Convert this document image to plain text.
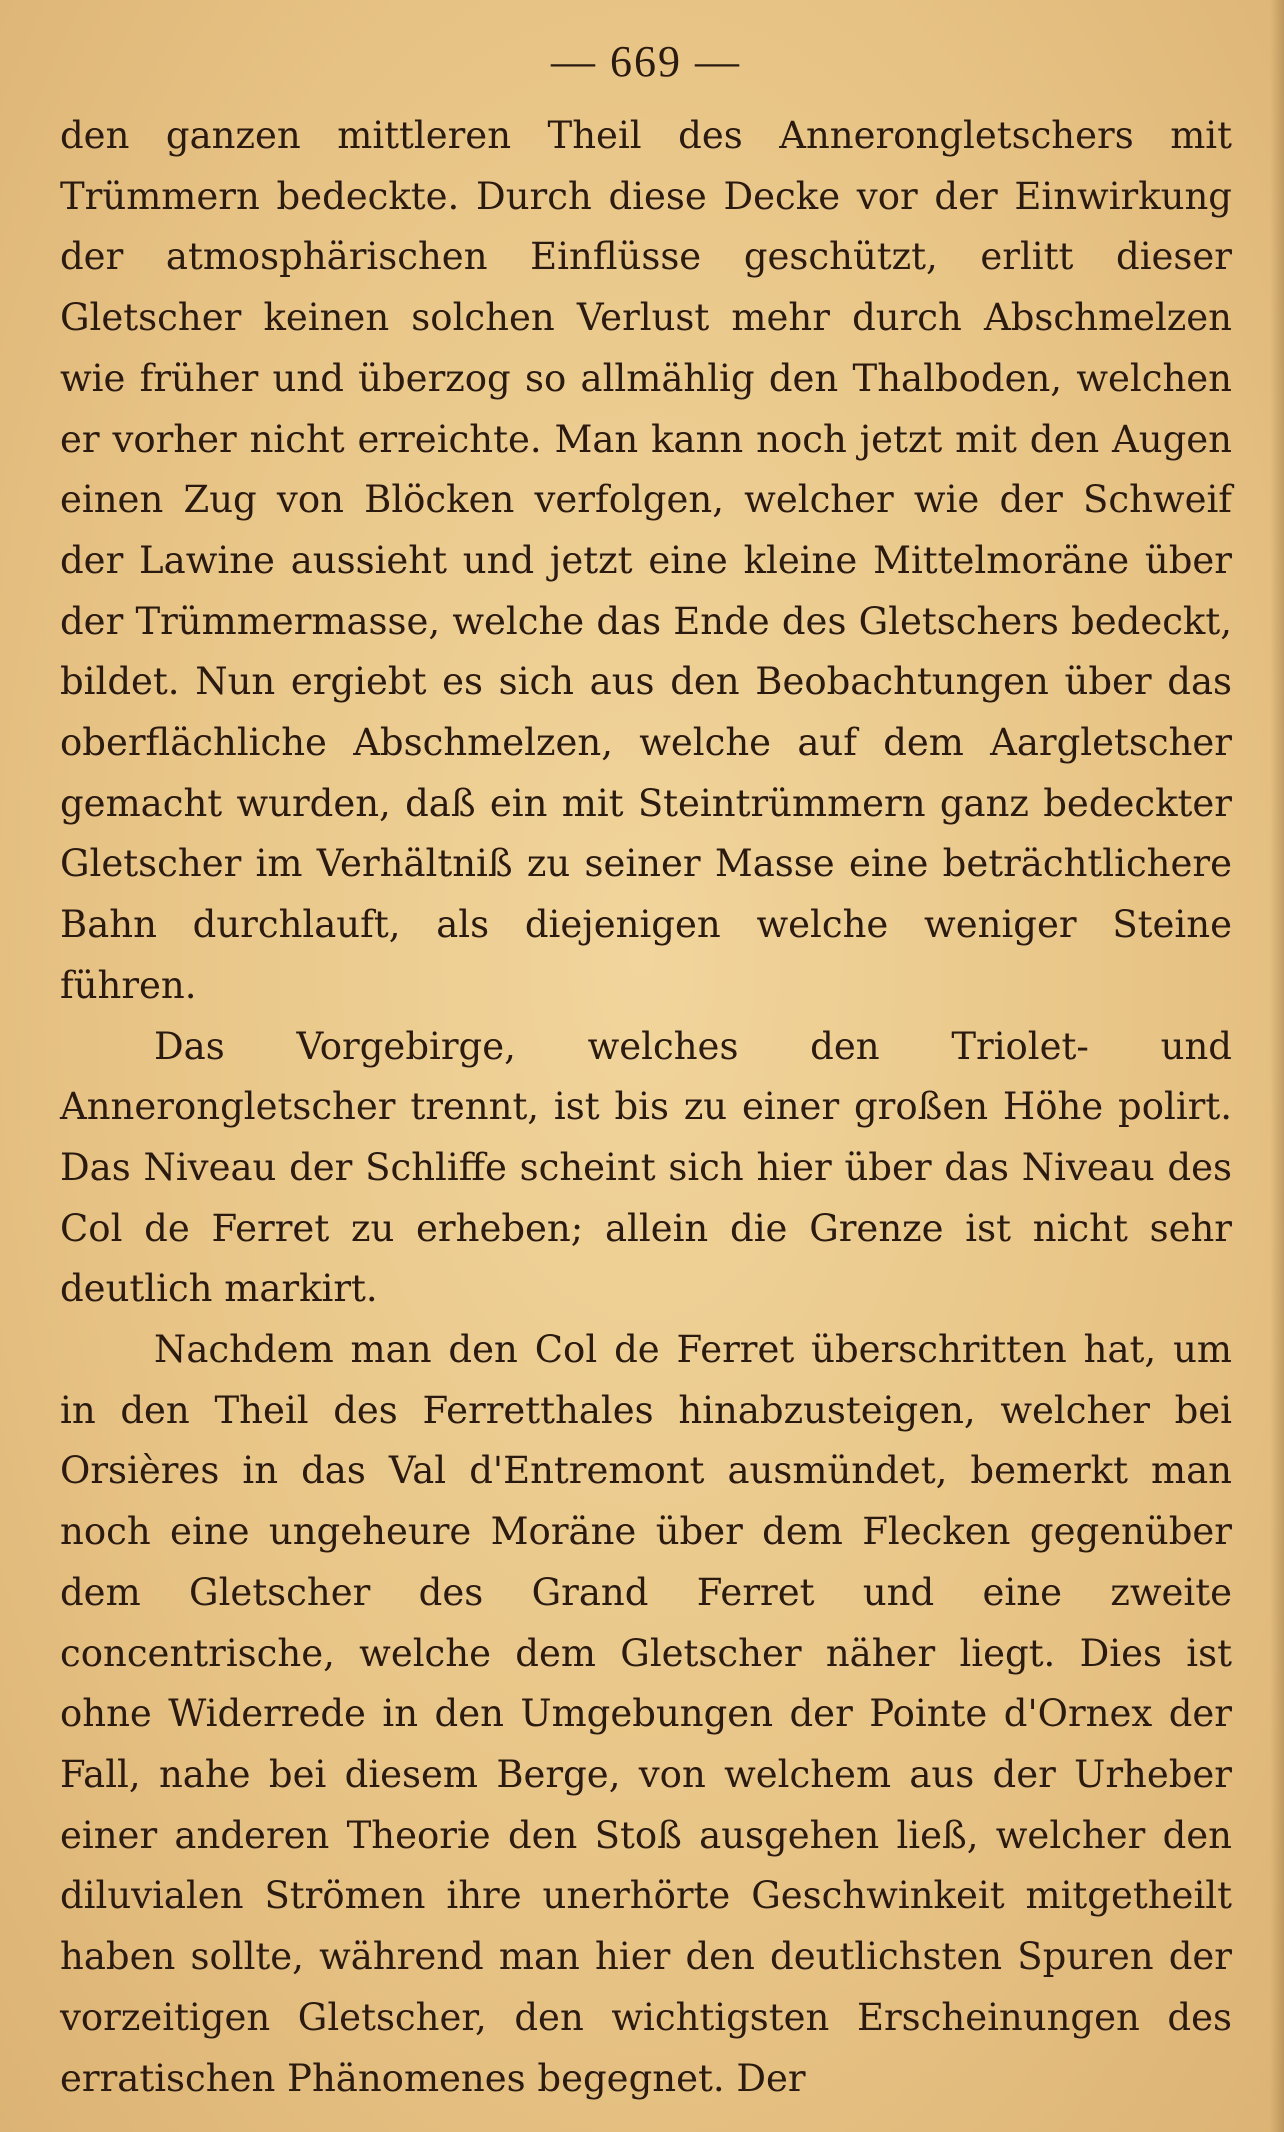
— 669 —

den ganzen mittleren Theil des Annerongletschers mit Trümmern bedeckte. Durch diese Decke vor der Einwirkung der atmosphärischen Einflüsse geschützt, erlitt dieser Gletscher keinen solchen Verlust mehr durch Abschmelzen wie früher und überzog so allmählig den Thalboden, welchen er vorher nicht erreichte. Man kann noch jetzt mit den Augen einen Zug von Blöcken verfolgen, welcher wie der Schweif der Lawine aussieht und jetzt eine kleine Mittelmoräne über der Trümmermasse, welche das Ende des Gletschers bedeckt, bildet. Nun ergiebt es sich aus den Beobachtungen über das oberflächliche Abschmelzen, welche auf dem Aargletscher gemacht wurden, daß ein mit Steintrümmern ganz bedeckter Gletscher im Verhältniß zu seiner Masse eine beträchtlichere Bahn durchlauft, als diejenigen welche weniger Steine führen.

Das Vorgebirge, welches den Triolet- und Annerongletscher trennt, ist bis zu einer großen Höhe polirt. Das Niveau der Schliffe scheint sich hier über das Niveau des Col de Ferret zu erheben; allein die Grenze ist nicht sehr deutlich markirt.

Nachdem man den Col de Ferret überschritten hat, um in den Theil des Ferretthales hinabzusteigen, welcher bei Orsières in das Val d'Entremont ausmündet, bemerkt man noch eine ungeheure Moräne über dem Flecken gegenüber dem Gletscher des Grand Ferret und eine zweite concentrische, welche dem Gletscher näher liegt. Dies ist ohne Widerrede in den Umgebungen der Pointe d'Ornex der Fall, nahe bei diesem Berge, von welchem aus der Urheber einer anderen Theorie den Stoß ausgehen ließ, welcher den diluvialen Strömen ihre unerhörte Geschwinkeit mitgetheilt haben sollte, während man hier den deutlichsten Spuren der vorzeitigen Gletscher, den wichtigsten Erscheinungen des erratischen Phänomenes begegnet. Der
